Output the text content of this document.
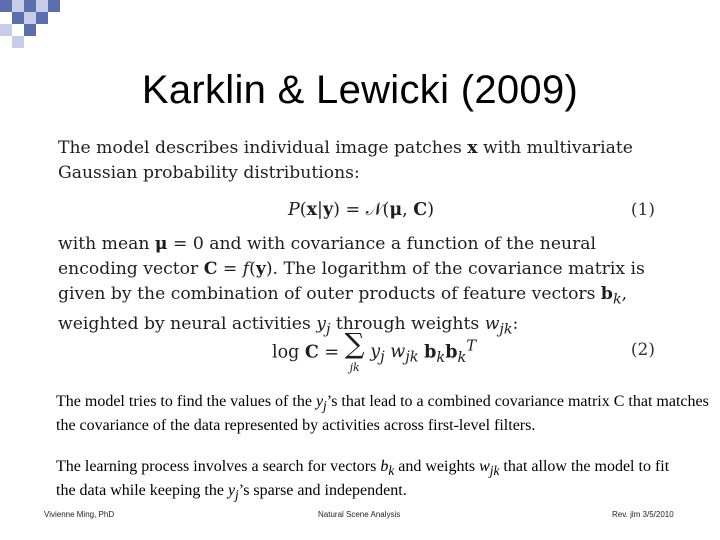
Karklin & Lewicki (2009)
The model describes individual image patches x with multivariate Gaussian probability distributions:
P(x|y) = 𝒩(μ, C)	(1)
with mean μ = 0 and with covariance a function of the neural encoding vector C = f(y). The logarithm of the covariance matrix is given by the combination of outer products of feature vectors $b_k$, weighted by neural activities $y_j$ through weights $w_{jk}$:
log C = ∑
jk $y_j$ $w_{jk}$ $b_kb_k^T$	(2)
The model tries to find the values of the $y_j’s$ that lead to a combined covariance matrix C that matches the covariance of the data represented by activities across first-level filters.
The learning process involves a search for vectors $b_k$ and weights $w_{jk}$ that allow the model to fit the data while keeping the $y_j’s$ sparse and independent.
Vivienne Ming, PhD	Natural Scene Analysis	Rev. jlm 3/5/2010
